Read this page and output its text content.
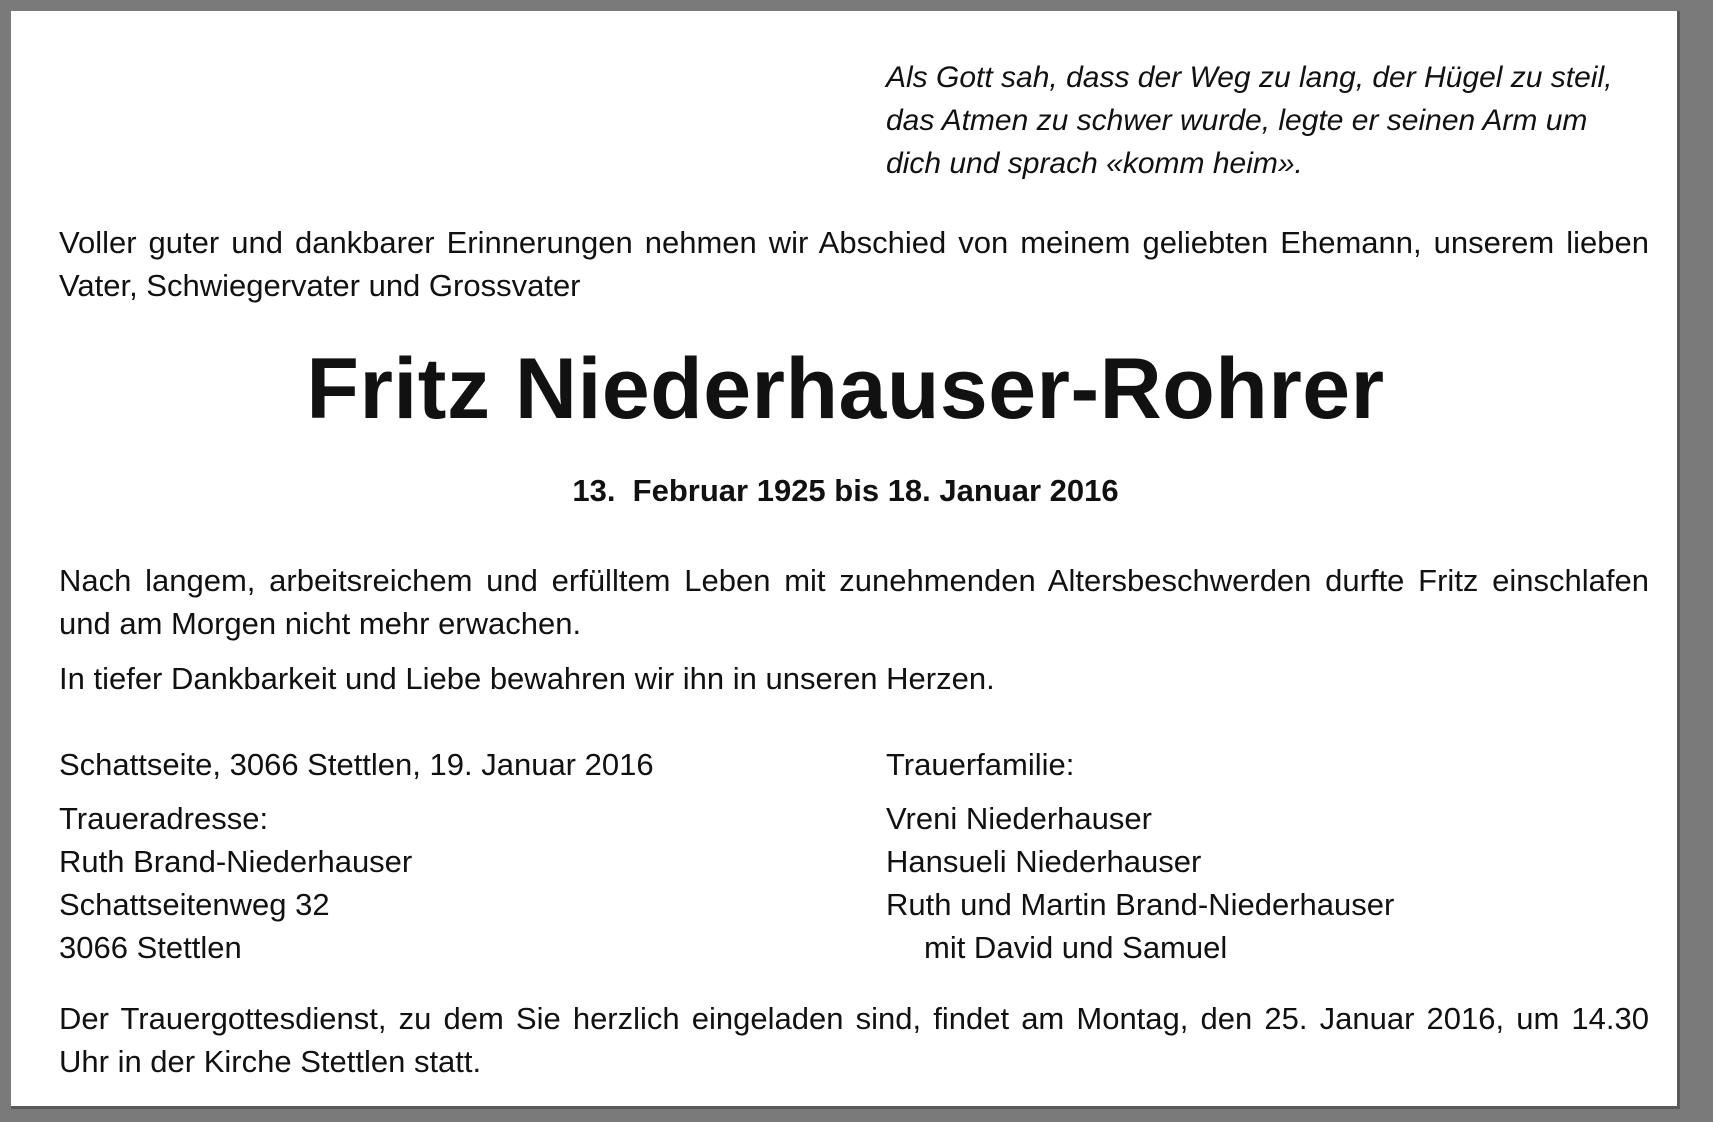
Als Gott sah, dass der Weg zu lang, der Hügel zu steil,
das Atmen zu schwer wurde, legte er seinen Arm um
dich und sprach «komm heim».
Voller guter und dankbarer Erinnerungen nehmen wir Abschied von meinem geliebten Ehemann, unserem lieben Vater, Schwiegervater und Grossvater
Fritz Niederhauser-Rohrer
13.  Februar 1925 bis 18. Januar 2016
Nach langem, arbeitsreichem und erfülltem Leben mit zunehmenden Altersbeschwerden durfte Fritz einschlafen und am Morgen nicht mehr erwachen.
In tiefer Dankbarkeit und Liebe bewahren wir ihn in unseren Herzen.
Schattseite, 3066 Stettlen, 19. Januar 2016
Traueradresse:
Ruth Brand-Niederhauser
Schattseitenweg 32
3066 Stettlen
Trauerfamilie:
Vreni Niederhauser
Hansueli Niederhauser
Ruth und Martin Brand-Niederhauser
mit David und Samuel
Der Trauergottesdienst, zu dem Sie herzlich eingeladen sind, findet am Montag, den 25. Januar 2016, um 14.30 Uhr in der Kirche Stettlen statt.
